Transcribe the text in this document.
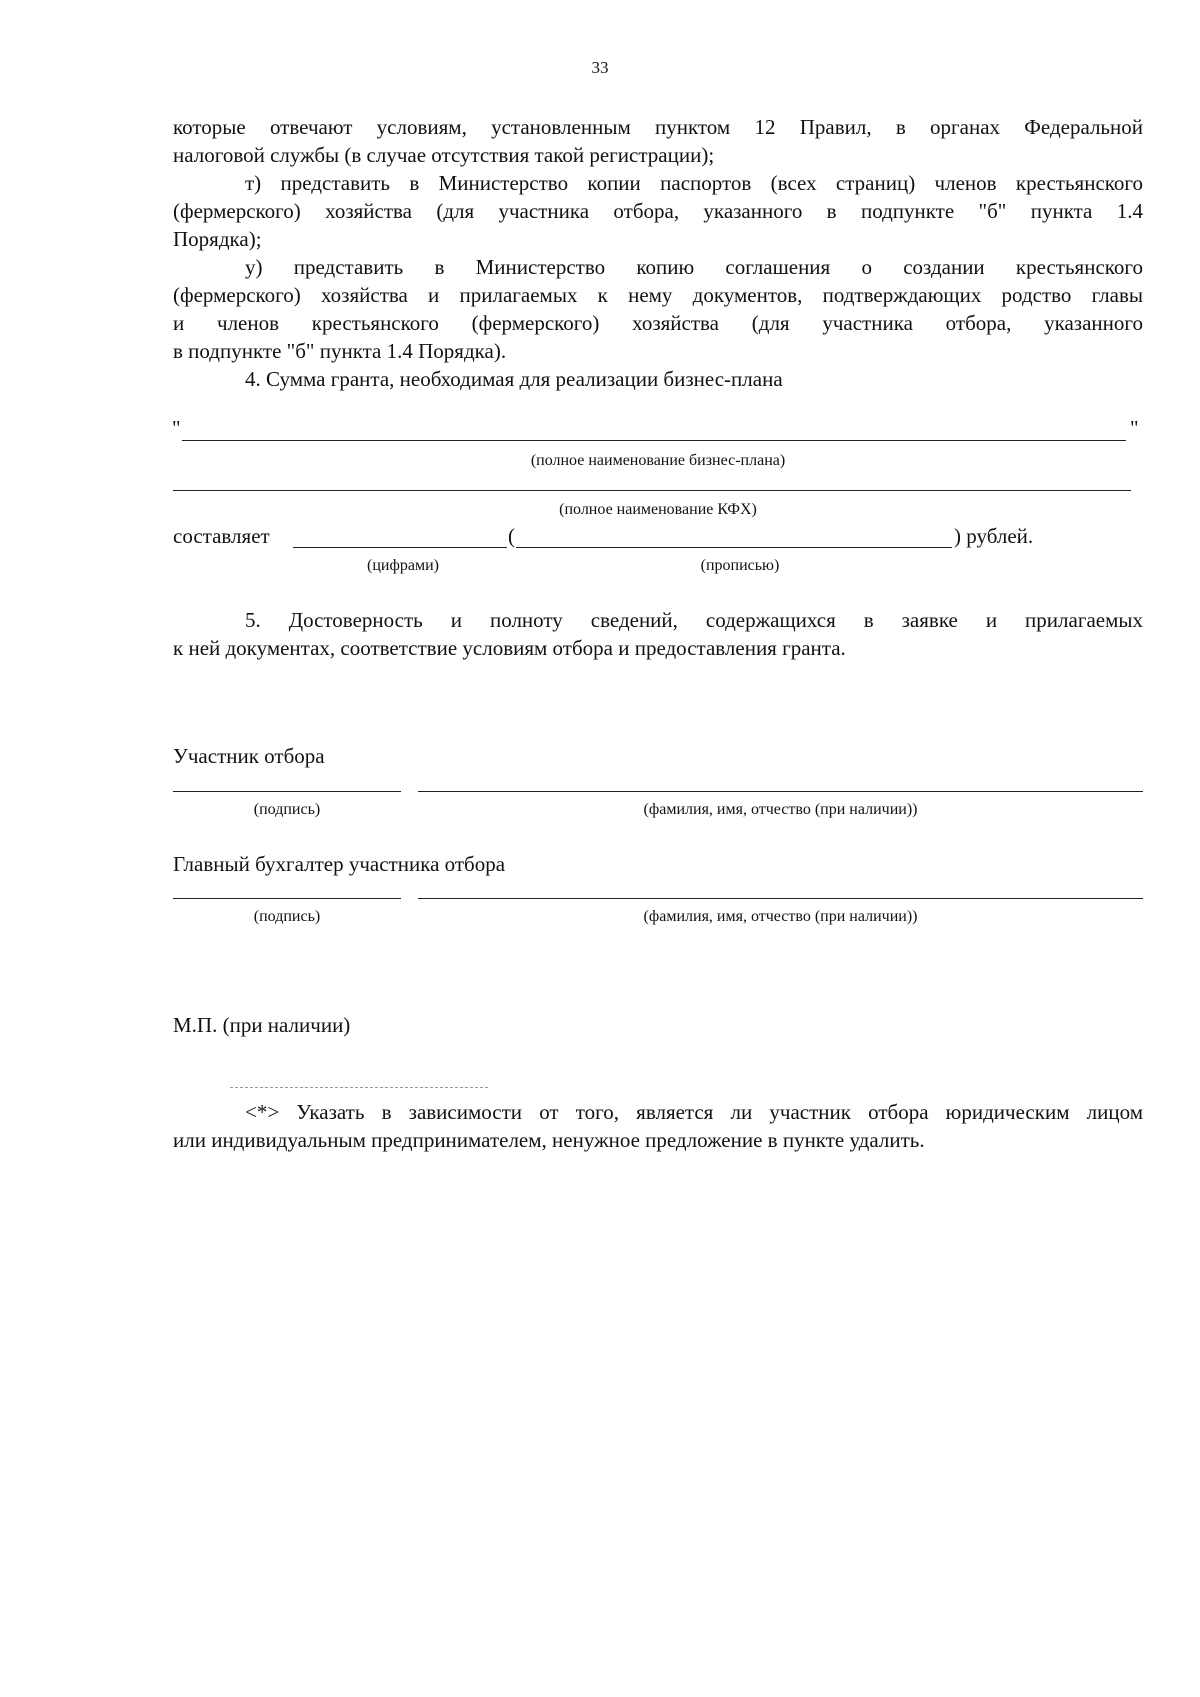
33
которые отвечают условиям, установленным пунктом 12 Правил, в органах Федеральной
налоговой службы (в случае отсутствия такой регистрации);
т) представить в Министерство копии паспортов (всех страниц) членов крестьянского
(фермерского) хозяйства (для участника отбора, указанного в подпункте "б" пункта 1.4
Порядка);
у) представить в Министерство копию соглашения о создании крестьянского
(фермерского) хозяйства и прилагаемых к нему документов, подтверждающих родство главы
и членов крестьянского (фермерского) хозяйства (для участника отбора, указанного
в подпункте "б" пункта 1.4 Порядка).
4. Сумма гранта, необходимая для реализации бизнес-плана
"	"
(полное наименование бизнес-плана)
(полное наименование КФХ)
составляет	(	) рублей.
(цифрами)	(прописью)
5. Достоверность и полноту сведений, содержащихся в заявке и прилагаемых
к ней документах, соответствие условиям отбора и предоставления гранта.
Участник отбора
(подпись)	(фамилия, имя, отчество (при наличии))
Главный бухгалтер участника отбора
(подпись)	(фамилия, имя, отчество (при наличии))
М.П. (при наличии)
<*> Указать в зависимости от того, является ли участник отбора юридическим лицом
или индивидуальным предпринимателем, ненужное предложение в пункте удалить.
